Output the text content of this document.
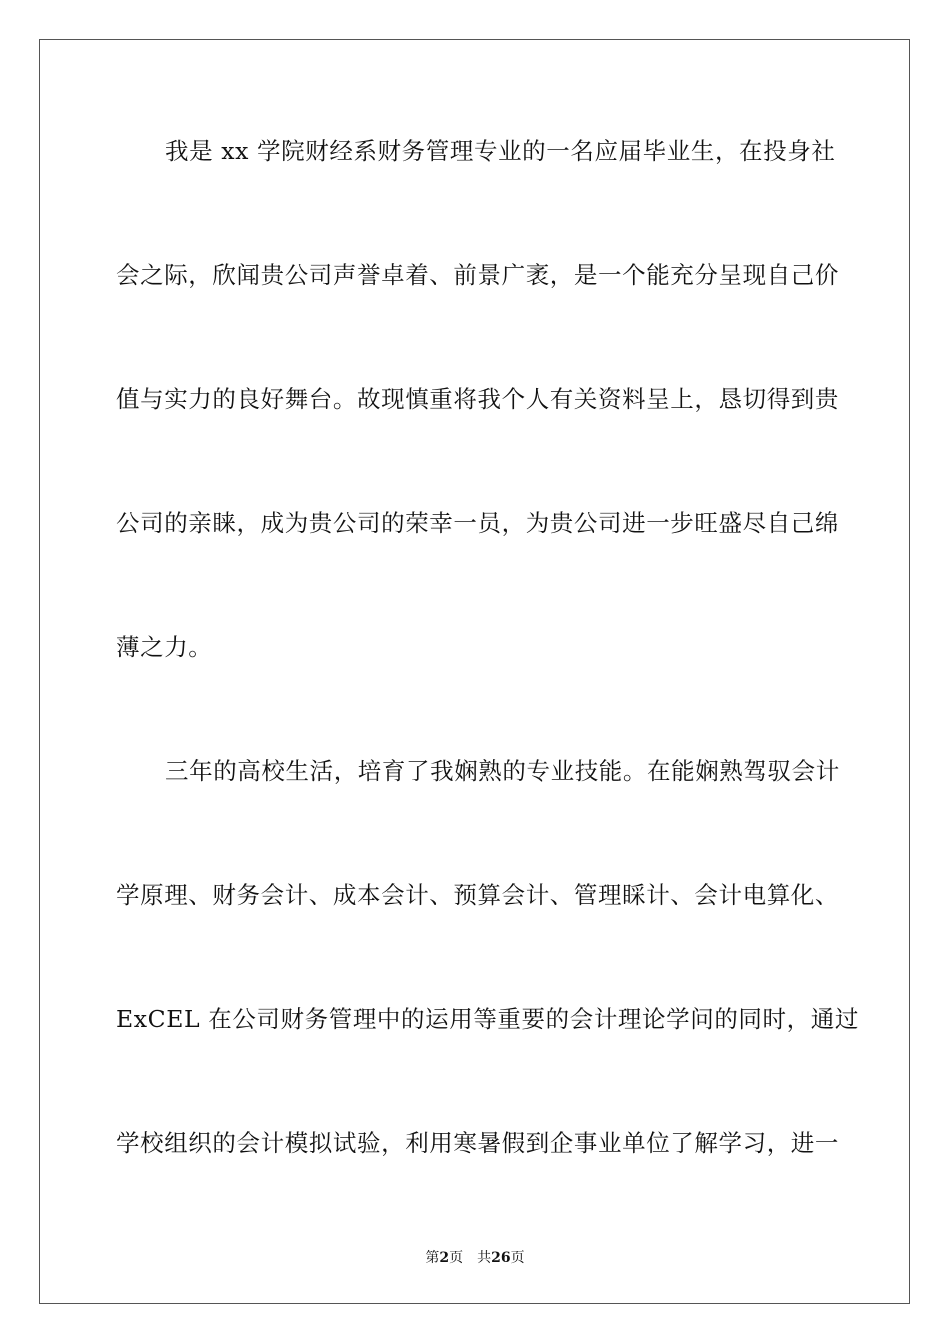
我是 xx 学院财经系财务管理专业的一名应届毕业生，在投身社
会之际，欣闻贵公司声誉卓着、前景广袤，是一个能充分呈现自己价
值与实力的良好舞台。故现慎重将我个人有关资料呈上，恳切得到贵
公司的亲睐，成为贵公司的荣幸一员，为贵公司进一步旺盛尽自己绵
薄之力。
三年的高校生活，培育了我娴熟的专业技能。在能娴熟驾驭会计
学原理、财务会计、成本会计、预算会计、管理睬计、会计电算化、
ExCEL 在公司财务管理中的运用等重要的会计理论学问的同时，通过
学校组织的会计模拟试验，利用寒暑假到企事业单位了解学习，进一
第2页 共26页
